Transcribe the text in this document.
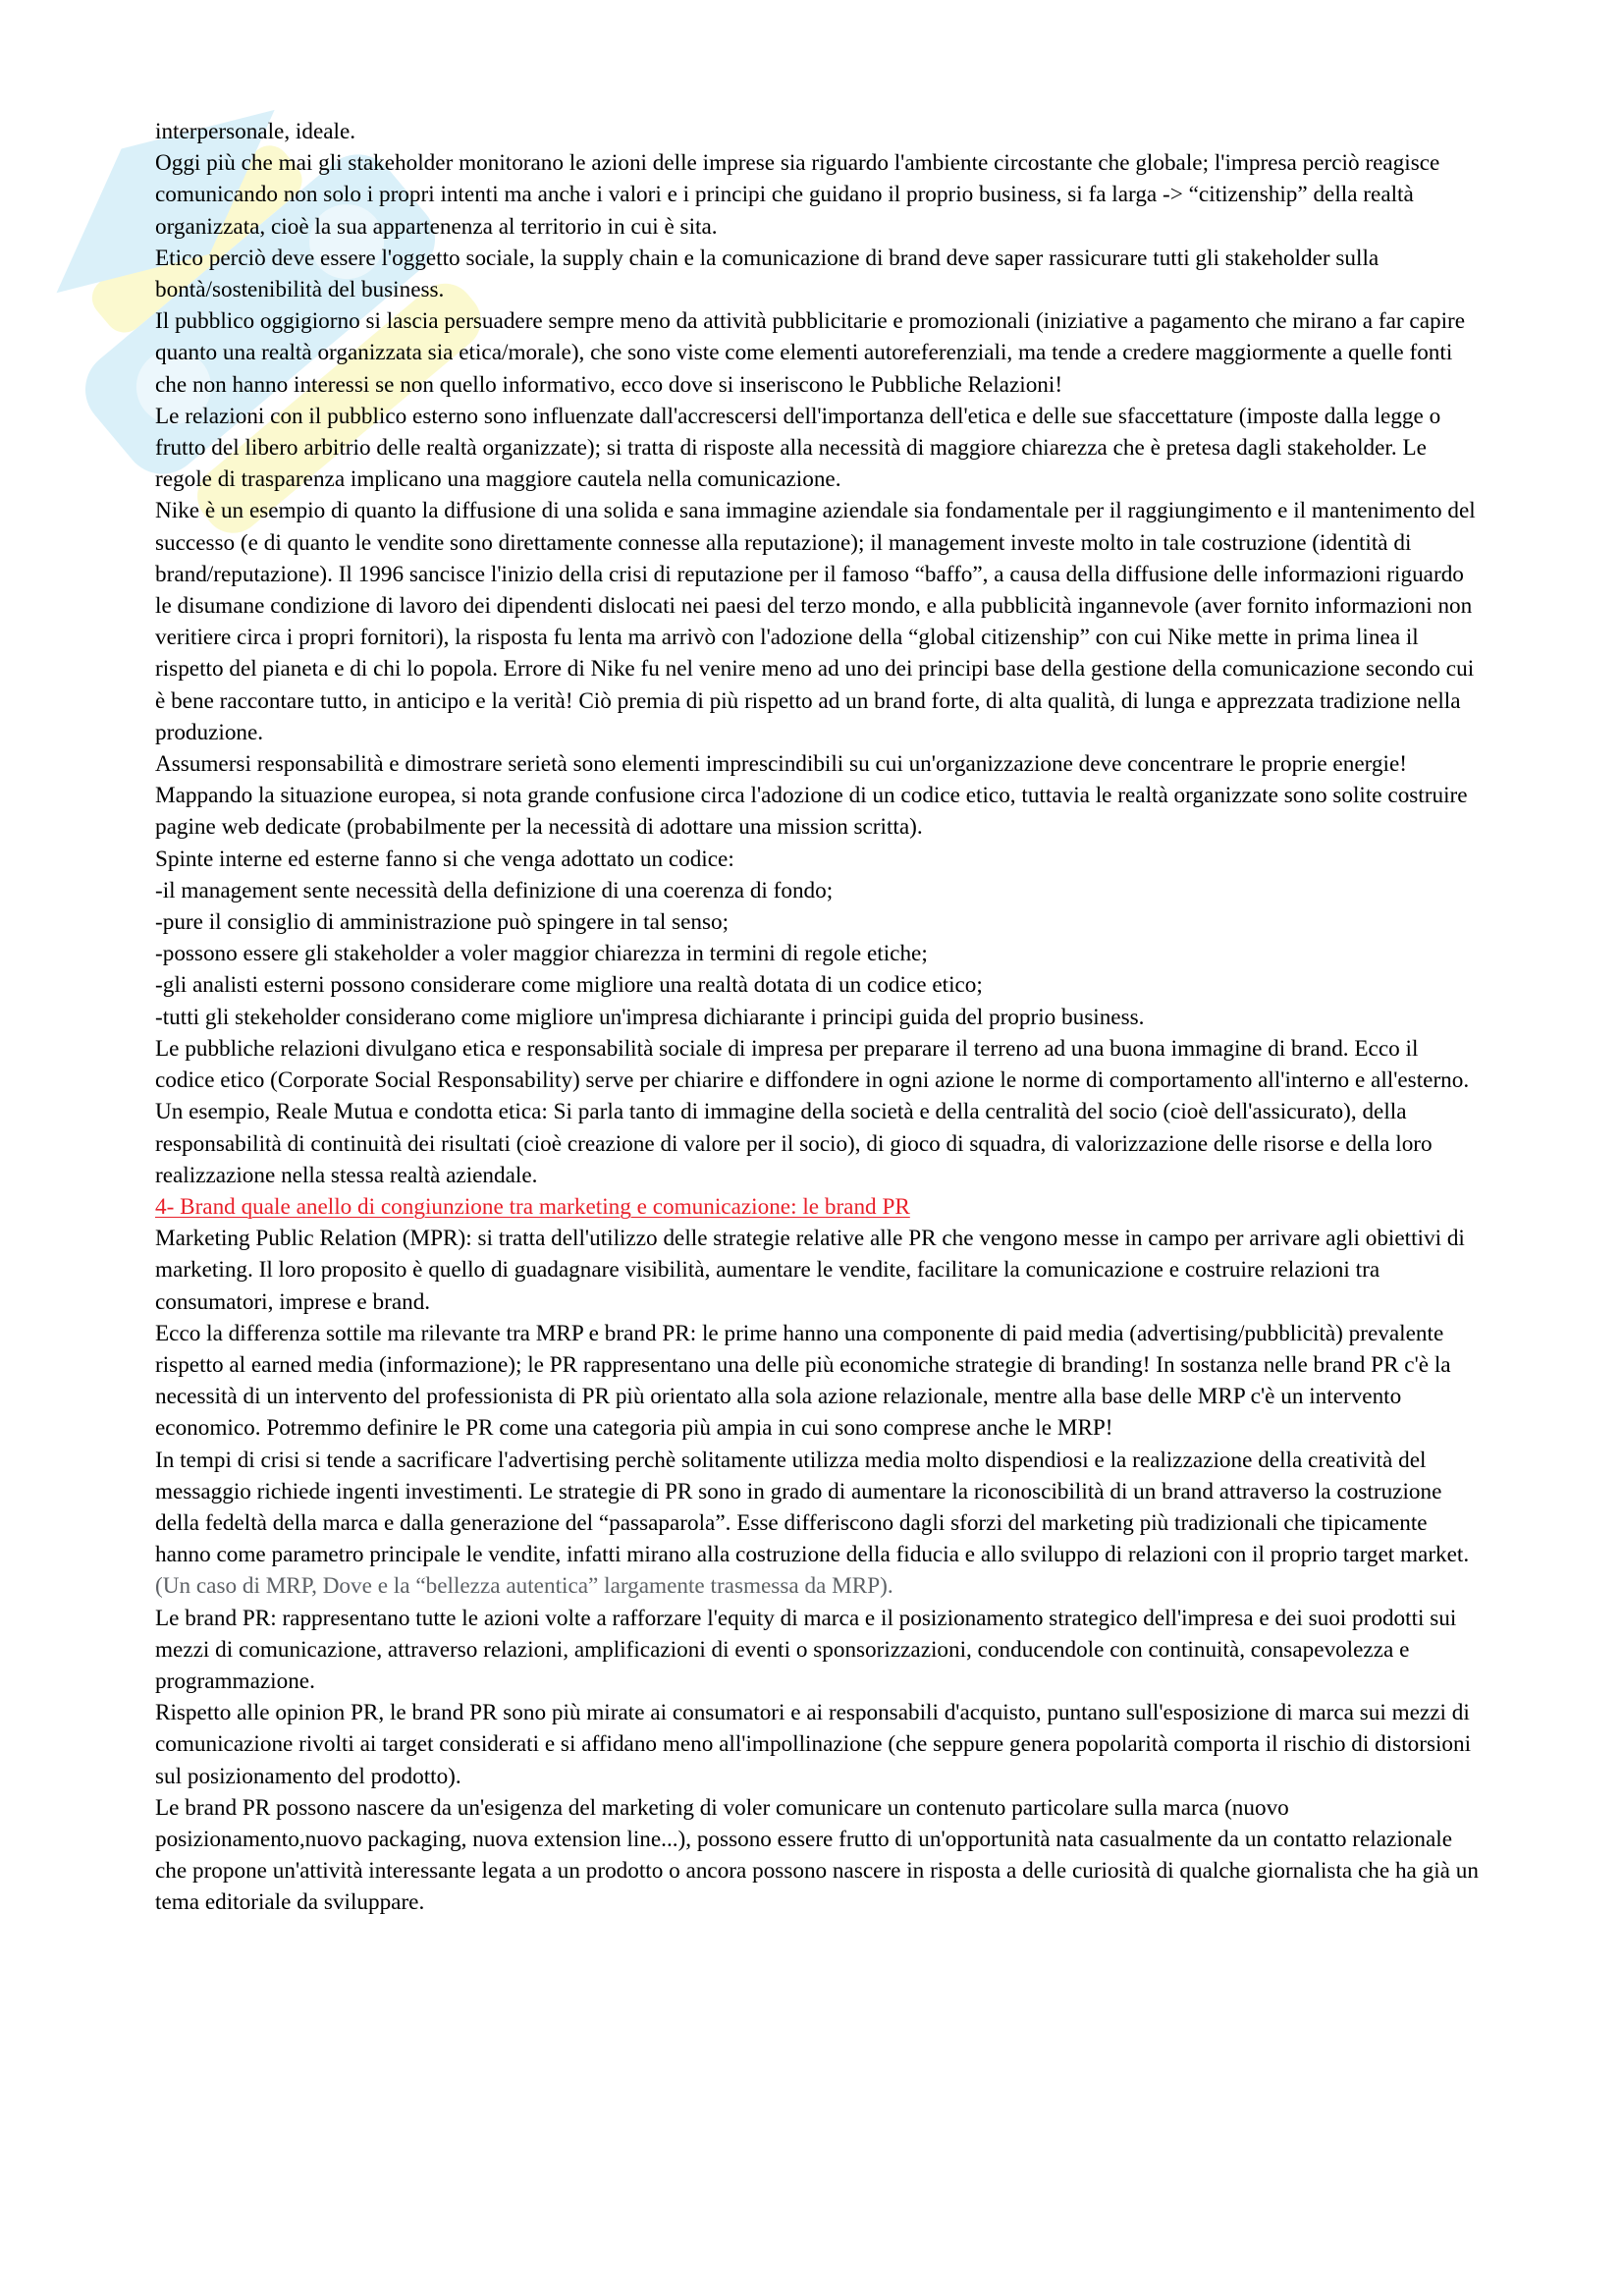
interpersonale, ideale.

Oggi più che mai gli stakeholder monitorano le azioni delle imprese sia riguardo l'ambiente circostante che globale; l'impresa perciò reagisce comunicando non solo i propri intenti ma anche i valori e i principi che guidano il proprio business, si fa larga -> “citizenship” della realtà organizzata, cioè la sua appartenenza al territorio in cui è sita.

Etico perciò deve essere l'oggetto sociale, la supply chain e la comunicazione di brand deve saper rassicurare tutti gli stakeholder sulla bontà/sostenibilità del business.

Il pubblico oggigiorno si lascia persuadere sempre meno da attività pubblicitarie e promozionali (iniziative a pagamento che mirano a far capire quanto una realtà organizzata sia etica/morale), che sono viste come elementi autoreferenziali, ma tende a credere maggiormente a quelle fonti che non hanno interessi se non quello informativo, ecco dove si inseriscono le Pubbliche Relazioni!

Le relazioni con il pubblico esterno sono influenzate dall'accrescersi dell'importanza dell'etica e delle sue sfaccettature (imposte dalla legge o frutto del libero arbitrio delle realtà organizzate); si tratta di risposte alla necessità di maggiore chiarezza che è pretesa dagli stakeholder. Le regole di trasparenza implicano una maggiore cautela nella comunicazione.

Nike è un esempio di quanto la diffusione di una solida e sana immagine aziendale sia fondamentale per il raggiungimento e il mantenimento del successo (e di quanto le vendite sono direttamente connesse alla reputazione); il management investe molto in tale costruzione (identità di brand/reputazione). Il 1996 sancisce l'inizio della crisi di reputazione per il famoso “baffo”, a causa della diffusione delle informazioni riguardo le disumane condizione di lavoro dei dipendenti dislocati nei paesi del terzo mondo, e alla pubblicità ingannevole (aver fornito informazioni non veritiere circa i propri fornitori), la risposta fu lenta ma arrivò con l'adozione della “global citizenship” con cui Nike mette in prima linea il rispetto del pianeta e di chi lo popola. Errore di Nike fu nel venire meno ad uno dei principi base della gestione della comunicazione secondo cui è bene raccontare tutto, in anticipo e la verità! Ciò premia di più rispetto ad un brand forte, di alta qualità, di lunga e apprezzata tradizione nella produzione.

Assumersi responsabilità e dimostrare serietà sono elementi imprescindibili su cui un'organizzazione deve concentrare le proprie energie!

Mappando la situazione europea, si nota grande confusione circa l'adozione di un codice etico, tuttavia le realtà organizzate sono solite costruire pagine web dedicate (probabilmente per la necessità di adottare una mission scritta).

Spinte interne ed esterne fanno si che venga adottato un codice:

-il management sente necessità della definizione di una coerenza di fondo;

-pure il consiglio di amministrazione può spingere in tal senso;

-possono essere gli stakeholder a voler maggior chiarezza in termini di regole etiche;

-gli analisti esterni possono considerare come migliore una realtà dotata di un codice etico;

-tutti gli stekeholder considerano come migliore un'impresa dichiarante i principi guida del proprio business.

Le pubbliche relazioni divulgano etica e responsabilità sociale di impresa per preparare il terreno ad una buona immagine di brand. Ecco il codice etico (Corporate Social Responsability) serve per chiarire e diffondere in ogni azione le norme di comportamento all'interno e all'esterno.

Un esempio, Reale Mutua e condotta etica: Si parla tanto di immagine della società e della centralità del socio (cioè dell'assicurato), della responsabilità di continuità dei risultati (cioè creazione di valore per il socio), di gioco di squadra, di valorizzazione delle risorse e della loro realizzazione nella stessa realtà aziendale.

4- Brand quale anello di congiunzione tra marketing e comunicazione: le brand PR

Marketing Public Relation (MPR): si tratta dell'utilizzo delle strategie relative alle PR che vengono messe in campo per arrivare agli obiettivi di marketing. Il loro proposito è quello di guadagnare visibilità, aumentare le vendite, facilitare la comunicazione e costruire relazioni tra consumatori, imprese e brand.

Ecco la differenza sottile ma rilevante tra MRP e brand PR: le prime hanno una componente di paid media (advertising/pubblicità) prevalente rispetto al earned media (informazione); le PR rappresentano una delle più economiche strategie di branding! In sostanza nelle brand PR c'è la necessità di un intervento del professionista di PR più orientato alla sola azione relazionale, mentre alla base delle MRP c'è un intervento economico. Potremmo definire le PR come una categoria più ampia in cui sono comprese anche le MRP!

In tempi di crisi si tende a sacrificare l'advertising perchè solitamente utilizza media molto dispendiosi e la realizzazione della creatività del messaggio richiede ingenti investimenti. Le strategie di PR sono in grado di aumentare la riconoscibilità di un brand attraverso la costruzione della fedeltà della marca e dalla generazione del “passaparola”. Esse differiscono dagli sforzi del marketing più tradizionali che tipicamente hanno come parametro principale le vendite, infatti mirano alla costruzione della fiducia e allo sviluppo di relazioni con il proprio target market.

(Un caso di MRP, Dove e la “bellezza autentica” largamente trasmessa da MRP).

Le brand PR: rappresentano tutte le azioni volte a rafforzare l'equity di marca e il posizionamento strategico dell'impresa e dei suoi prodotti sui mezzi di comunicazione, attraverso relazioni, amplificazioni di eventi o sponsorizzazioni, conducendole con continuità, consapevolezza e programmazione.

Rispetto alle opinion PR, le brand PR sono più mirate ai consumatori e ai responsabili d'acquisto, puntano sull'esposizione di marca sui mezzi di comunicazione rivolti ai target considerati e si affidano meno all'impollinazione (che seppure genera popolarità comporta il rischio di distorsioni sul posizionamento del prodotto).

Le brand PR possono nascere da un'esigenza del marketing di voler comunicare un contenuto particolare sulla marca (nuovo posizionamento,nuovo packaging, nuova extension line...), possono essere frutto di un'opportunità nata casualmente da un contatto relazionale che propone un'attività interessante legata a un prodotto o ancora possono nascere in risposta a delle curiosità di qualche giornalista che ha già un tema editoriale da sviluppare.
